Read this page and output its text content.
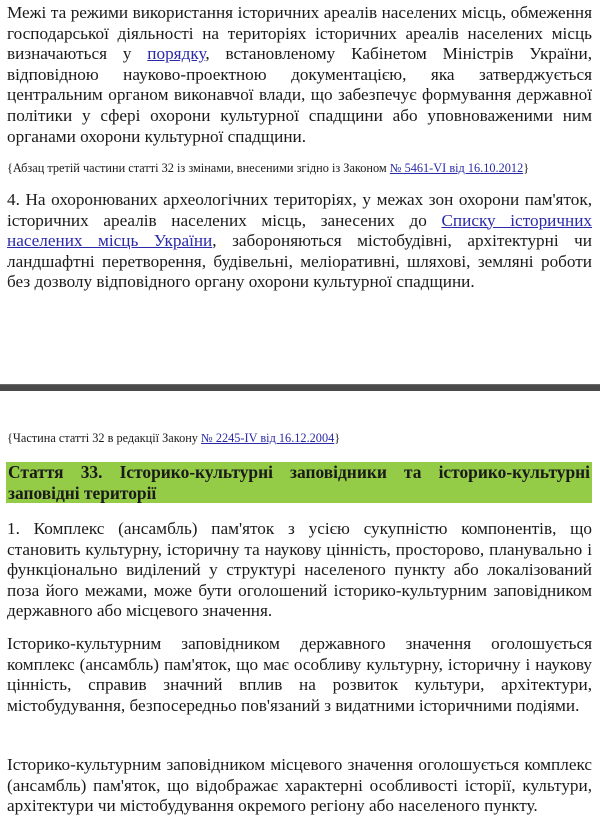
Межі та режими використання історичних ареалів населених місць, обмеження господарської діяльності на територіях історичних ареалів населених місць визначаються у порядку, встановленому Кабінетом Міністрів України, відповідною науково-проектною документацією, яка затверджується центральним органом виконавчої влади, що забезпечує формування державної політики у сфері охорони культурної спадщини або уповноваженими ним органами охорони культурної спадщини.

{Абзац третій частини статті 32 із змінами, внесеними згідно із Законом № 5461-VI від 16.10.2012}

4. На охоронюваних археологічних територіях, у межах зон охорони пам'яток, історичних ареалів населених місць, занесених до Списку історичних населених місць України, забороняються містобудівні, архітектурні чи ландшафтні перетворення, будівельні, меліоративні, шляхові, земляні роботи без дозволу відповідного органу охорони культурної спадщини.

{Частина статті 32 в редакції Закону № 2245-IV від 16.12.2004}

Стаття 33. Історико-культурні заповідники та історико-культурні заповідні території

1. Комплекс (ансамбль) пам'яток з усією сукупністю компонентів, що становить культурну, історичну та наукову цінність, просторово, планувально і функціонально виділений у структурі населеного пункту або локалізований поза його межами, може бути оголошений історико-культурним заповідником державного або місцевого значення.

Історико-культурним заповідником державного значення оголошується комплекс (ансамбль) пам'яток, що має особливу культурну, історичну і наукову цінність, справив значний вплив на розвиток культури, архітектури, містобудування, безпосередньо пов'язаний з видатними історичними подіями.

Історико-культурним заповідником місцевого значення оголошується комплекс (ансамбль) пам'яток, що відображає характерні особливості історії, культури, архітектури чи містобудування окремого регіону або населеного пункту.
